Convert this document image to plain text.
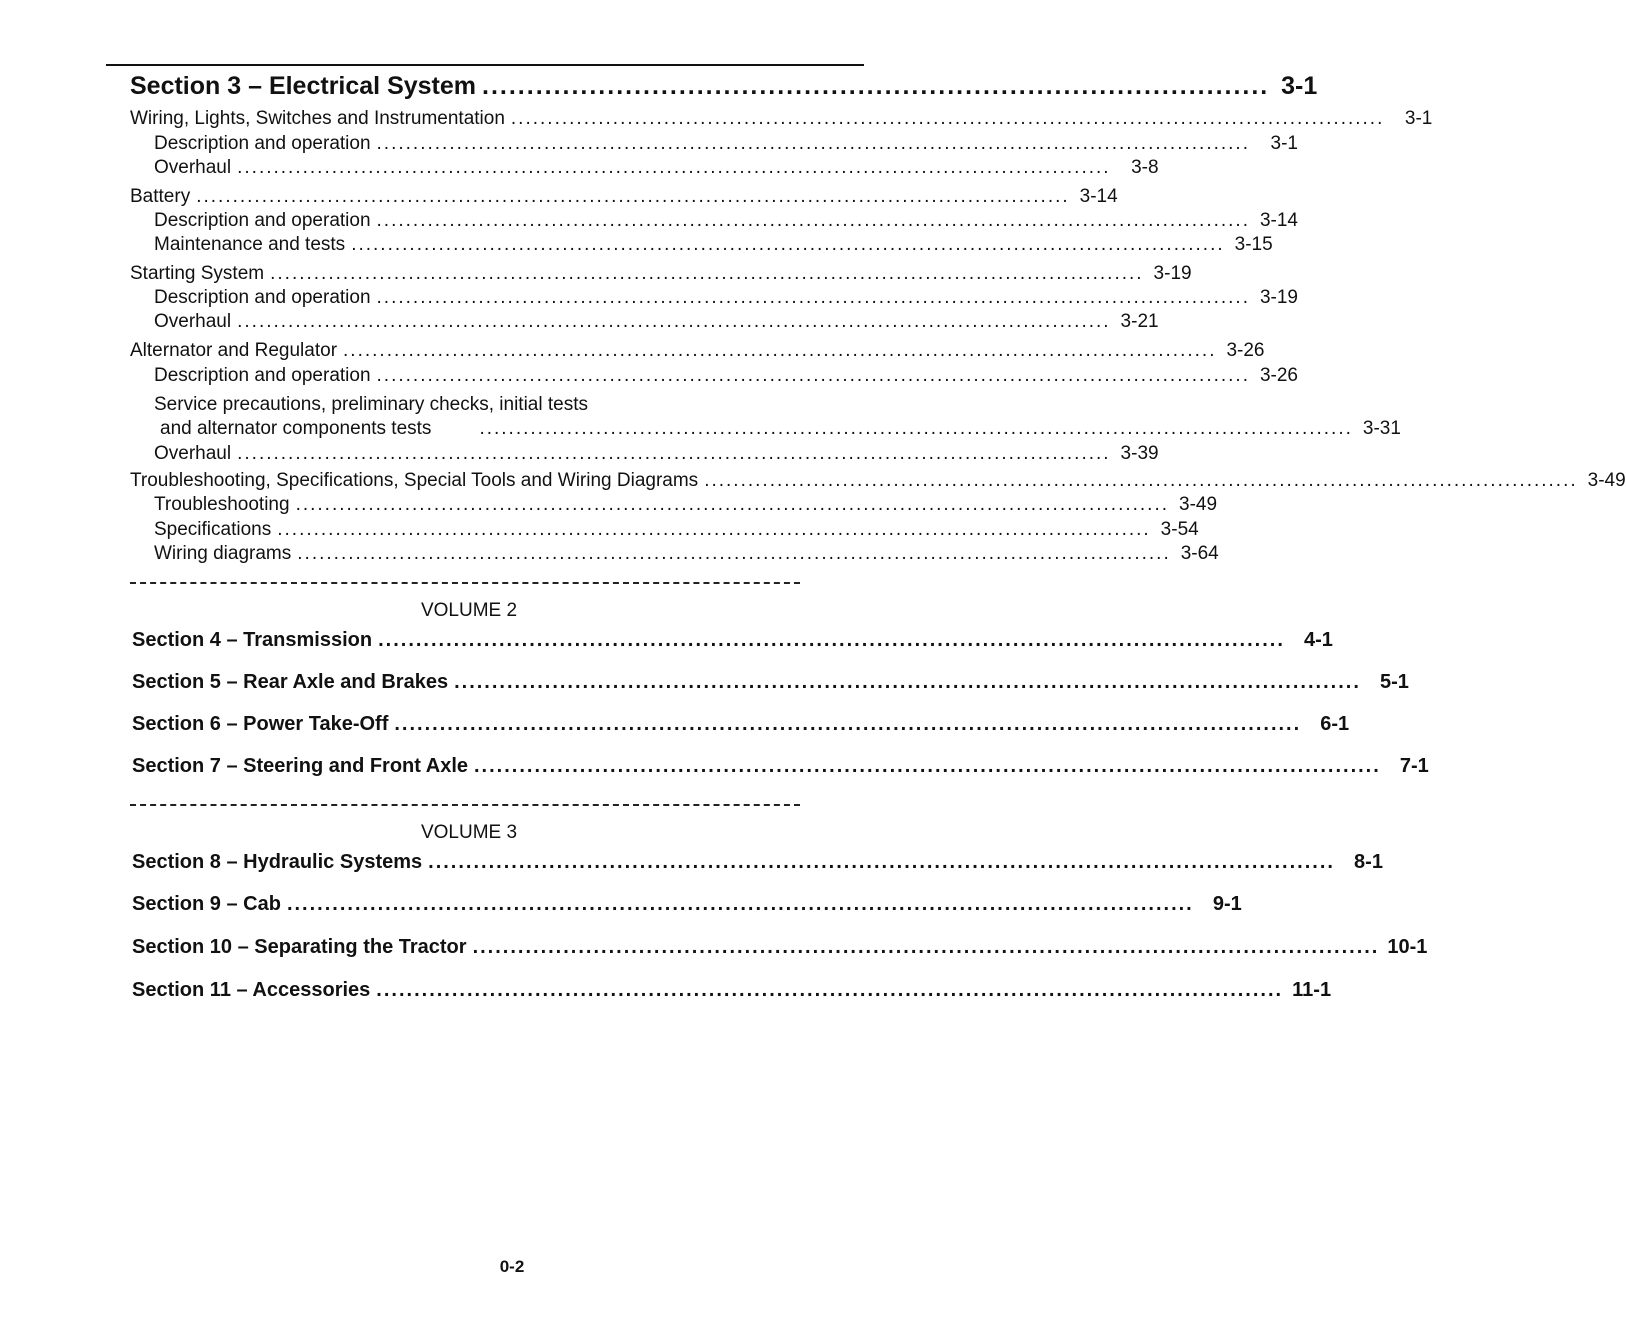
Section 3 – Electrical System ........................................................................................ 3-1
Wiring, Lights, Switches and Instrumentation ........................................................................................................................	3-1
Description and operation ........................................................................................................................	3-1
Overhaul ........................................................................................................................	3-8
Battery ........................................................................................................................ 3-14
Description and operation ........................................................................................................................ 3-14
Maintenance and tests ........................................................................................................................ 3-15
Starting System ........................................................................................................................ 3-19
Description and operation ........................................................................................................................ 3-19
Overhaul ........................................................................................................................ 3-21
Alternator and Regulator ........................................................................................................................ 3-26
Description and operation ........................................................................................................................ 3-26
Service precautions, preliminary checks, initial tests
and alternator components tests	........................................................................................................................ 3-31
Overhaul ........................................................................................................................ 3-39
Troubleshooting, Specifications, Special Tools and Wiring Diagrams ........................................................................................................................ 3-49
Troubleshooting ........................................................................................................................ 3-49
Specifications ........................................................................................................................ 3-54
Wiring diagrams ........................................................................................................................ 3-64
VOLUME 2
Section 4 – Transmission ........................................................................................................................ 4-1
Section 5 – Rear Axle and Brakes ........................................................................................................................ 5-1
Section 6 – Power Take-Off ........................................................................................................................ 6-1
Section 7 – Steering and Front Axle ........................................................................................................................ 7-1
VOLUME 3
Section 8 – Hydraulic Systems ........................................................................................................................ 8-1
Section 9 – Cab ........................................................................................................................ 9-1
Section 10 – Separating the Tractor ........................................................................................................................ 10-1
Section 11 – Accessories ........................................................................................................................ 11-1
0-2
